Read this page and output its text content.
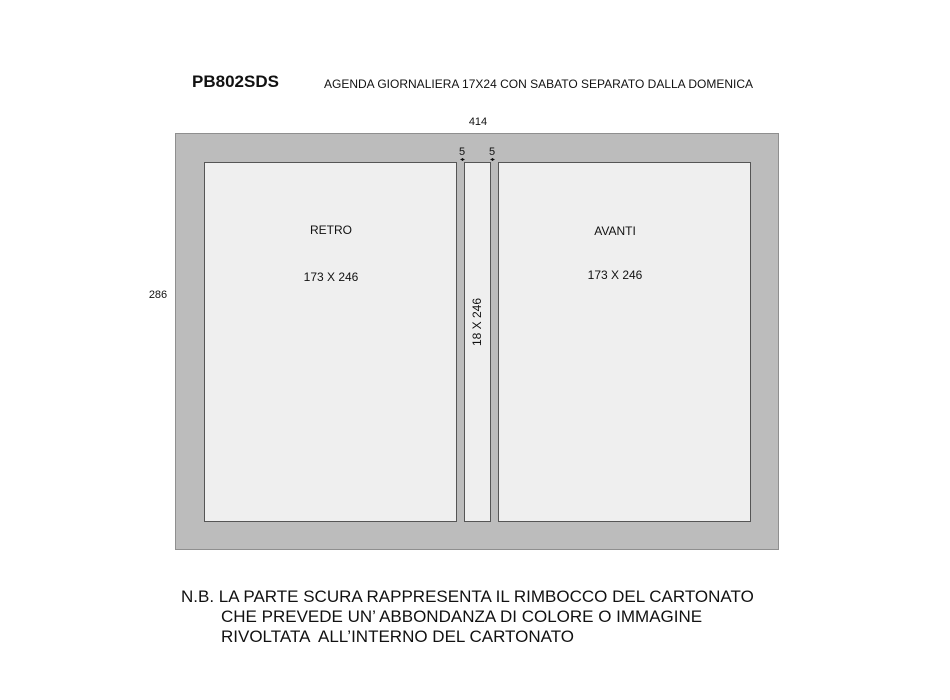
PB802SDS	AGENDA GIORNALIERA 17X24 CON SABATO SEPARATO DALLA DOMENICA
414
286
5
◂▸
5
◂▸
RETRO
173 X 246
AVANTI
173 X 246
18 X 246
N.B. LA PARTE SCURA RAPPRESENTA IL RIMBOCCO DEL CARTONATO
CHE PREVEDE UN’ ABBONDANZA DI COLORE O IMMAGINE
RIVOLTATA  ALL’INTERNO DEL CARTONATO
